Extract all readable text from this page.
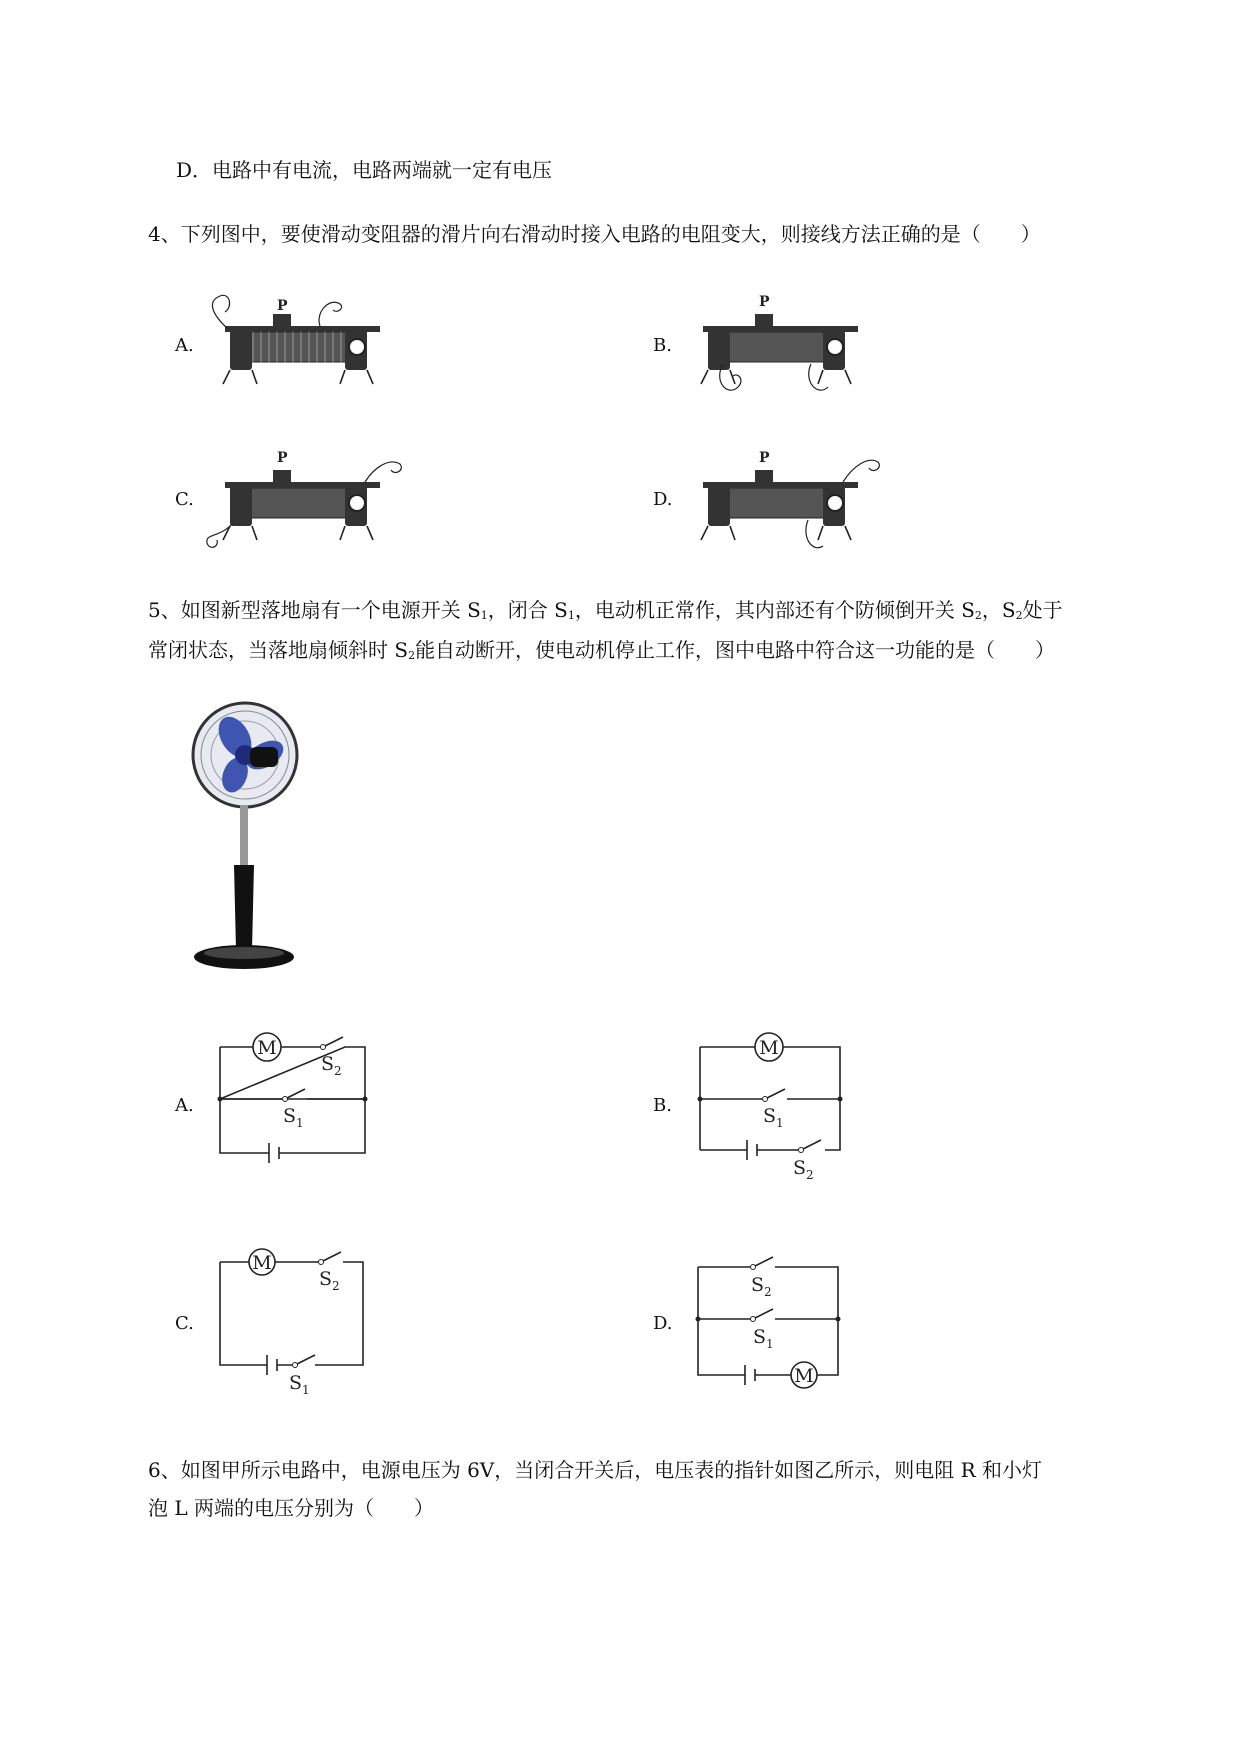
D．电路中有电流，电路两端就一定有电压
4、下列图中，要使滑动变阻器的滑片向右滑动时接入电路的电阻变大，则接线方法正确的是（　　）
A.	B.
C.	D.
P	P
P	P
5、如图新型落地扇有一个电源开关 $S_1$，闭合 $S_1$，电动机正常作，其内部还有个防倾倒开关 $S_2$，$S_2$处于
常闭状态，当落地扇倾斜时 $S_2$能自动断开，使电动机停止工作，图中电路中符合这一功能的是（　　）
A.	B.
C.	D.
M
$S_2$
$S_1$
M
$S_1$
$S_2$
M
$S_2$
$S_1$
$S_2$
$S_1$
M
6、如图甲所示电路中，电源电压为 6V，当闭合开关后，电压表的指针如图乙所示，则电阻 R 和小灯
泡 L 两端的电压分别为（　　）
